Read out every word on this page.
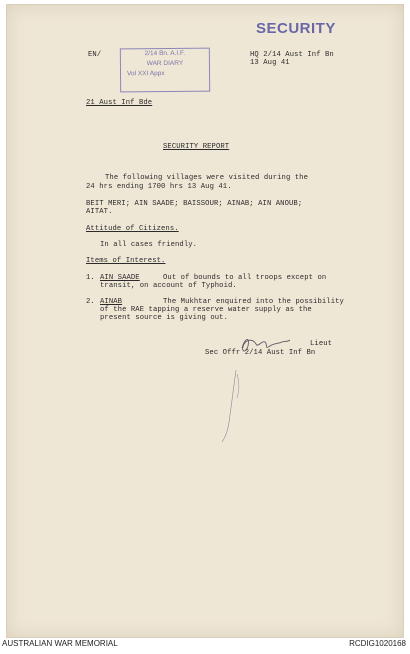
SECURITY
2/14 Bn. A.I.F.
WAR DIARY
Vol XXI Appx
EN/	HQ 2/14 Aust Inf Bn
13 Aug 41
21 Aust Inf Bde
SECURITY REPORT
The following villages were visited during the
24 hrs ending 1700 hrs 13 Aug 41.
BEIT MERI; AIN SAADE; BAISSOUR; AINAB; AIN ANOUB;
AITAT.
Attitude of Citizens.
In all cases friendly.
Items of Interest.
1. AIN SAADE	Out of bounds to all troops except on
transit, on account of Typhoid.
2. AINAB	The Mukhtar enquired into the possibility
of the RAE tapping a reserve water supply as the
present source is giving out.
Lieut
Sec Offr 2/14 Aust Inf Bn
AUSTRALIAN WAR MEMORIAL	RCDIG1020168
